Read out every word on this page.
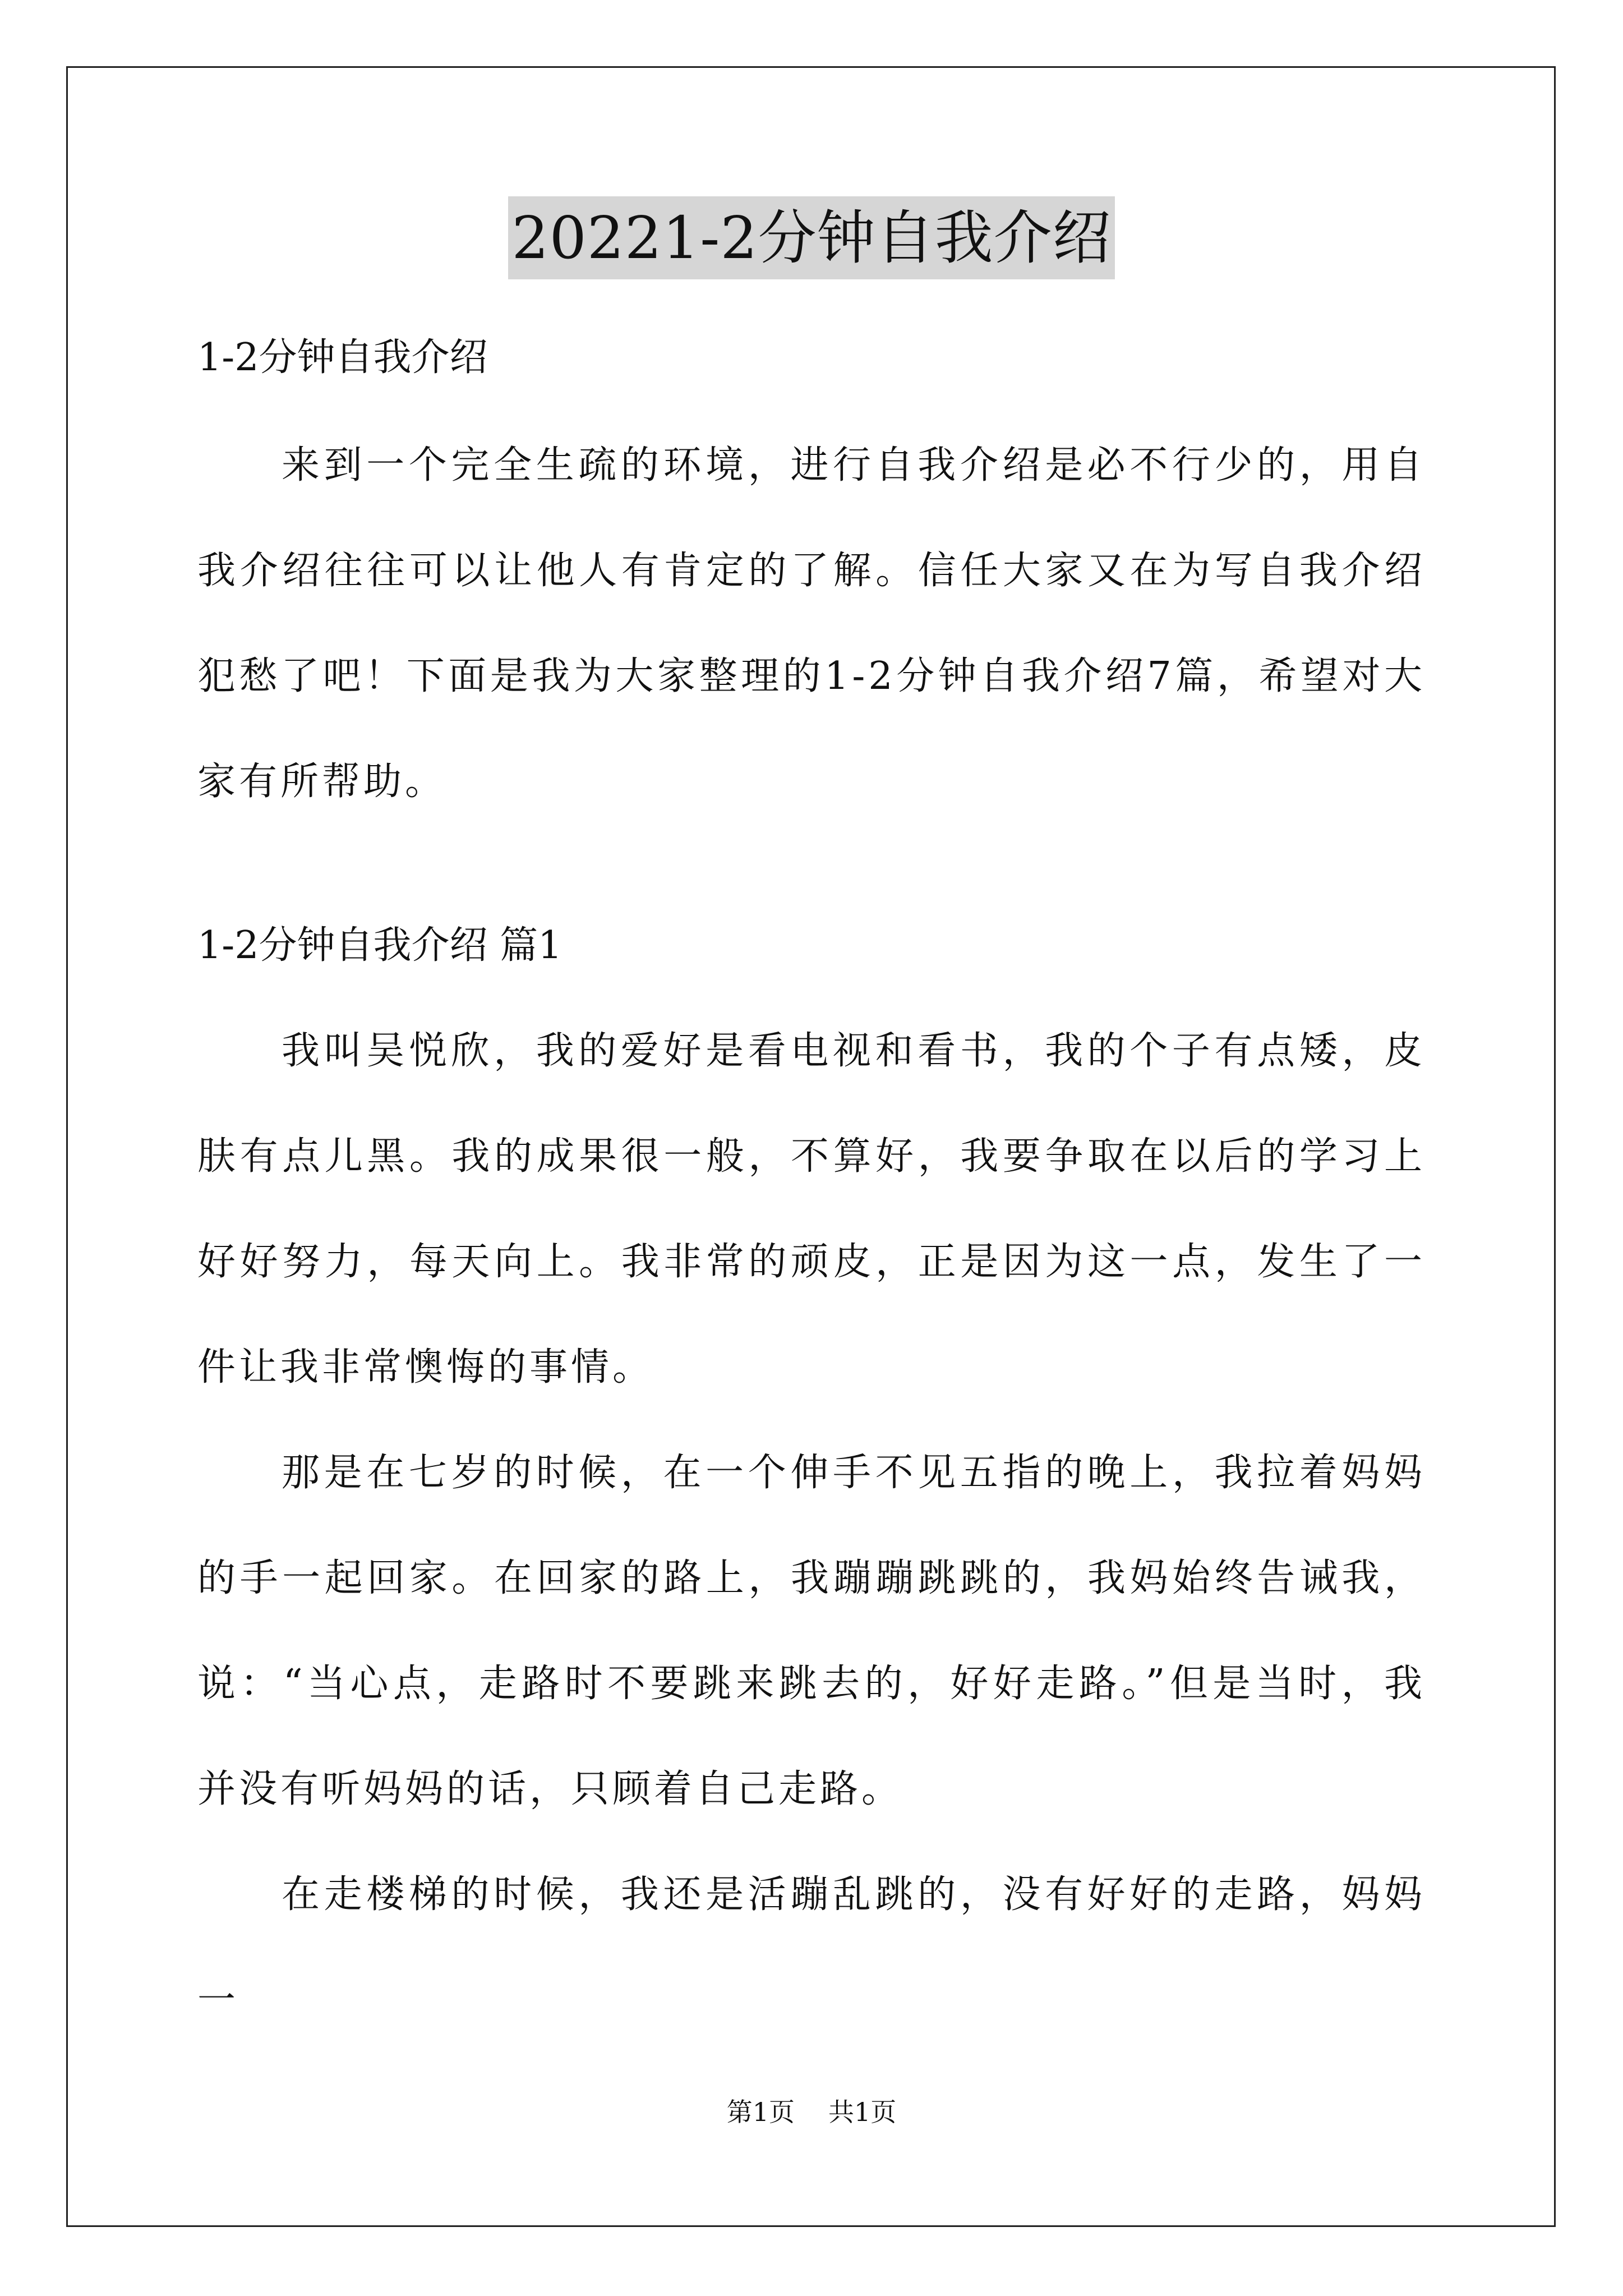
20221-2分钟自我介绍

1-2分钟自我介绍

来到一个完全生疏的环境，进行自我介绍是必不行少的，用自我介绍往往可以让他人有肯定的了解。信任大家又在为写自我介绍犯愁了吧！下面是我为大家整理的1-2分钟自我介绍7篇，希望对大家有所帮助。

1-2分钟自我介绍 篇1

我叫吴悦欣，我的爱好是看电视和看书，我的个子有点矮，皮肤有点儿黑。我的成果很一般，不算好，我要争取在以后的学习上好好努力，每天向上。我非常的顽皮，正是因为这一点，发生了一件让我非常懊悔的事情。

那是在七岁的时候，在一个伸手不见五指的晚上，我拉着妈妈的手一起回家。在回家的路上，我蹦蹦跳跳的，我妈始终告诫我，说：“当心点，走路时不要跳来跳去的，好好走路。”但是当时，我并没有听妈妈的话，只顾着自己走路。

在走楼梯的时候，我还是活蹦乱跳的，没有好好的走路，妈妈一

第1页 共1页
